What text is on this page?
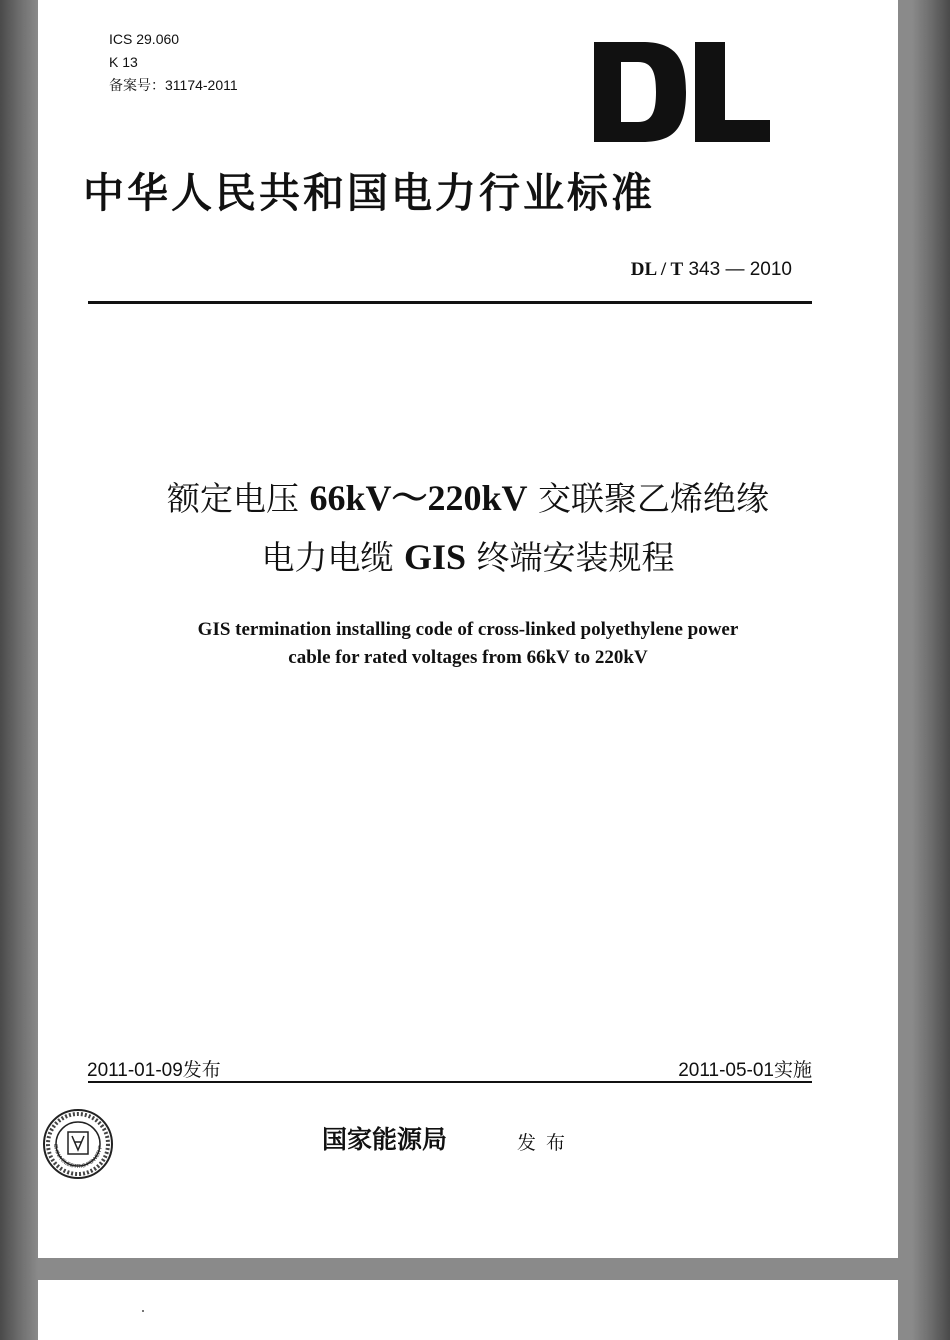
ICS 29.060
K 13
备案号：31174-2011
中华人民共和国电力行业标准
DL / T 343 — 2010
额定电压 66kV～220kV 交联聚乙烯绝缘
电力电缆 GIS 终端安装规程
GIS termination installing code of cross-linked polyethylene power
cable for rated voltages from 66kV to 220kV
2011-01-09发布	2011-05-01实施
CHINA ELECTRIC POWER P	国家能源局	发布
